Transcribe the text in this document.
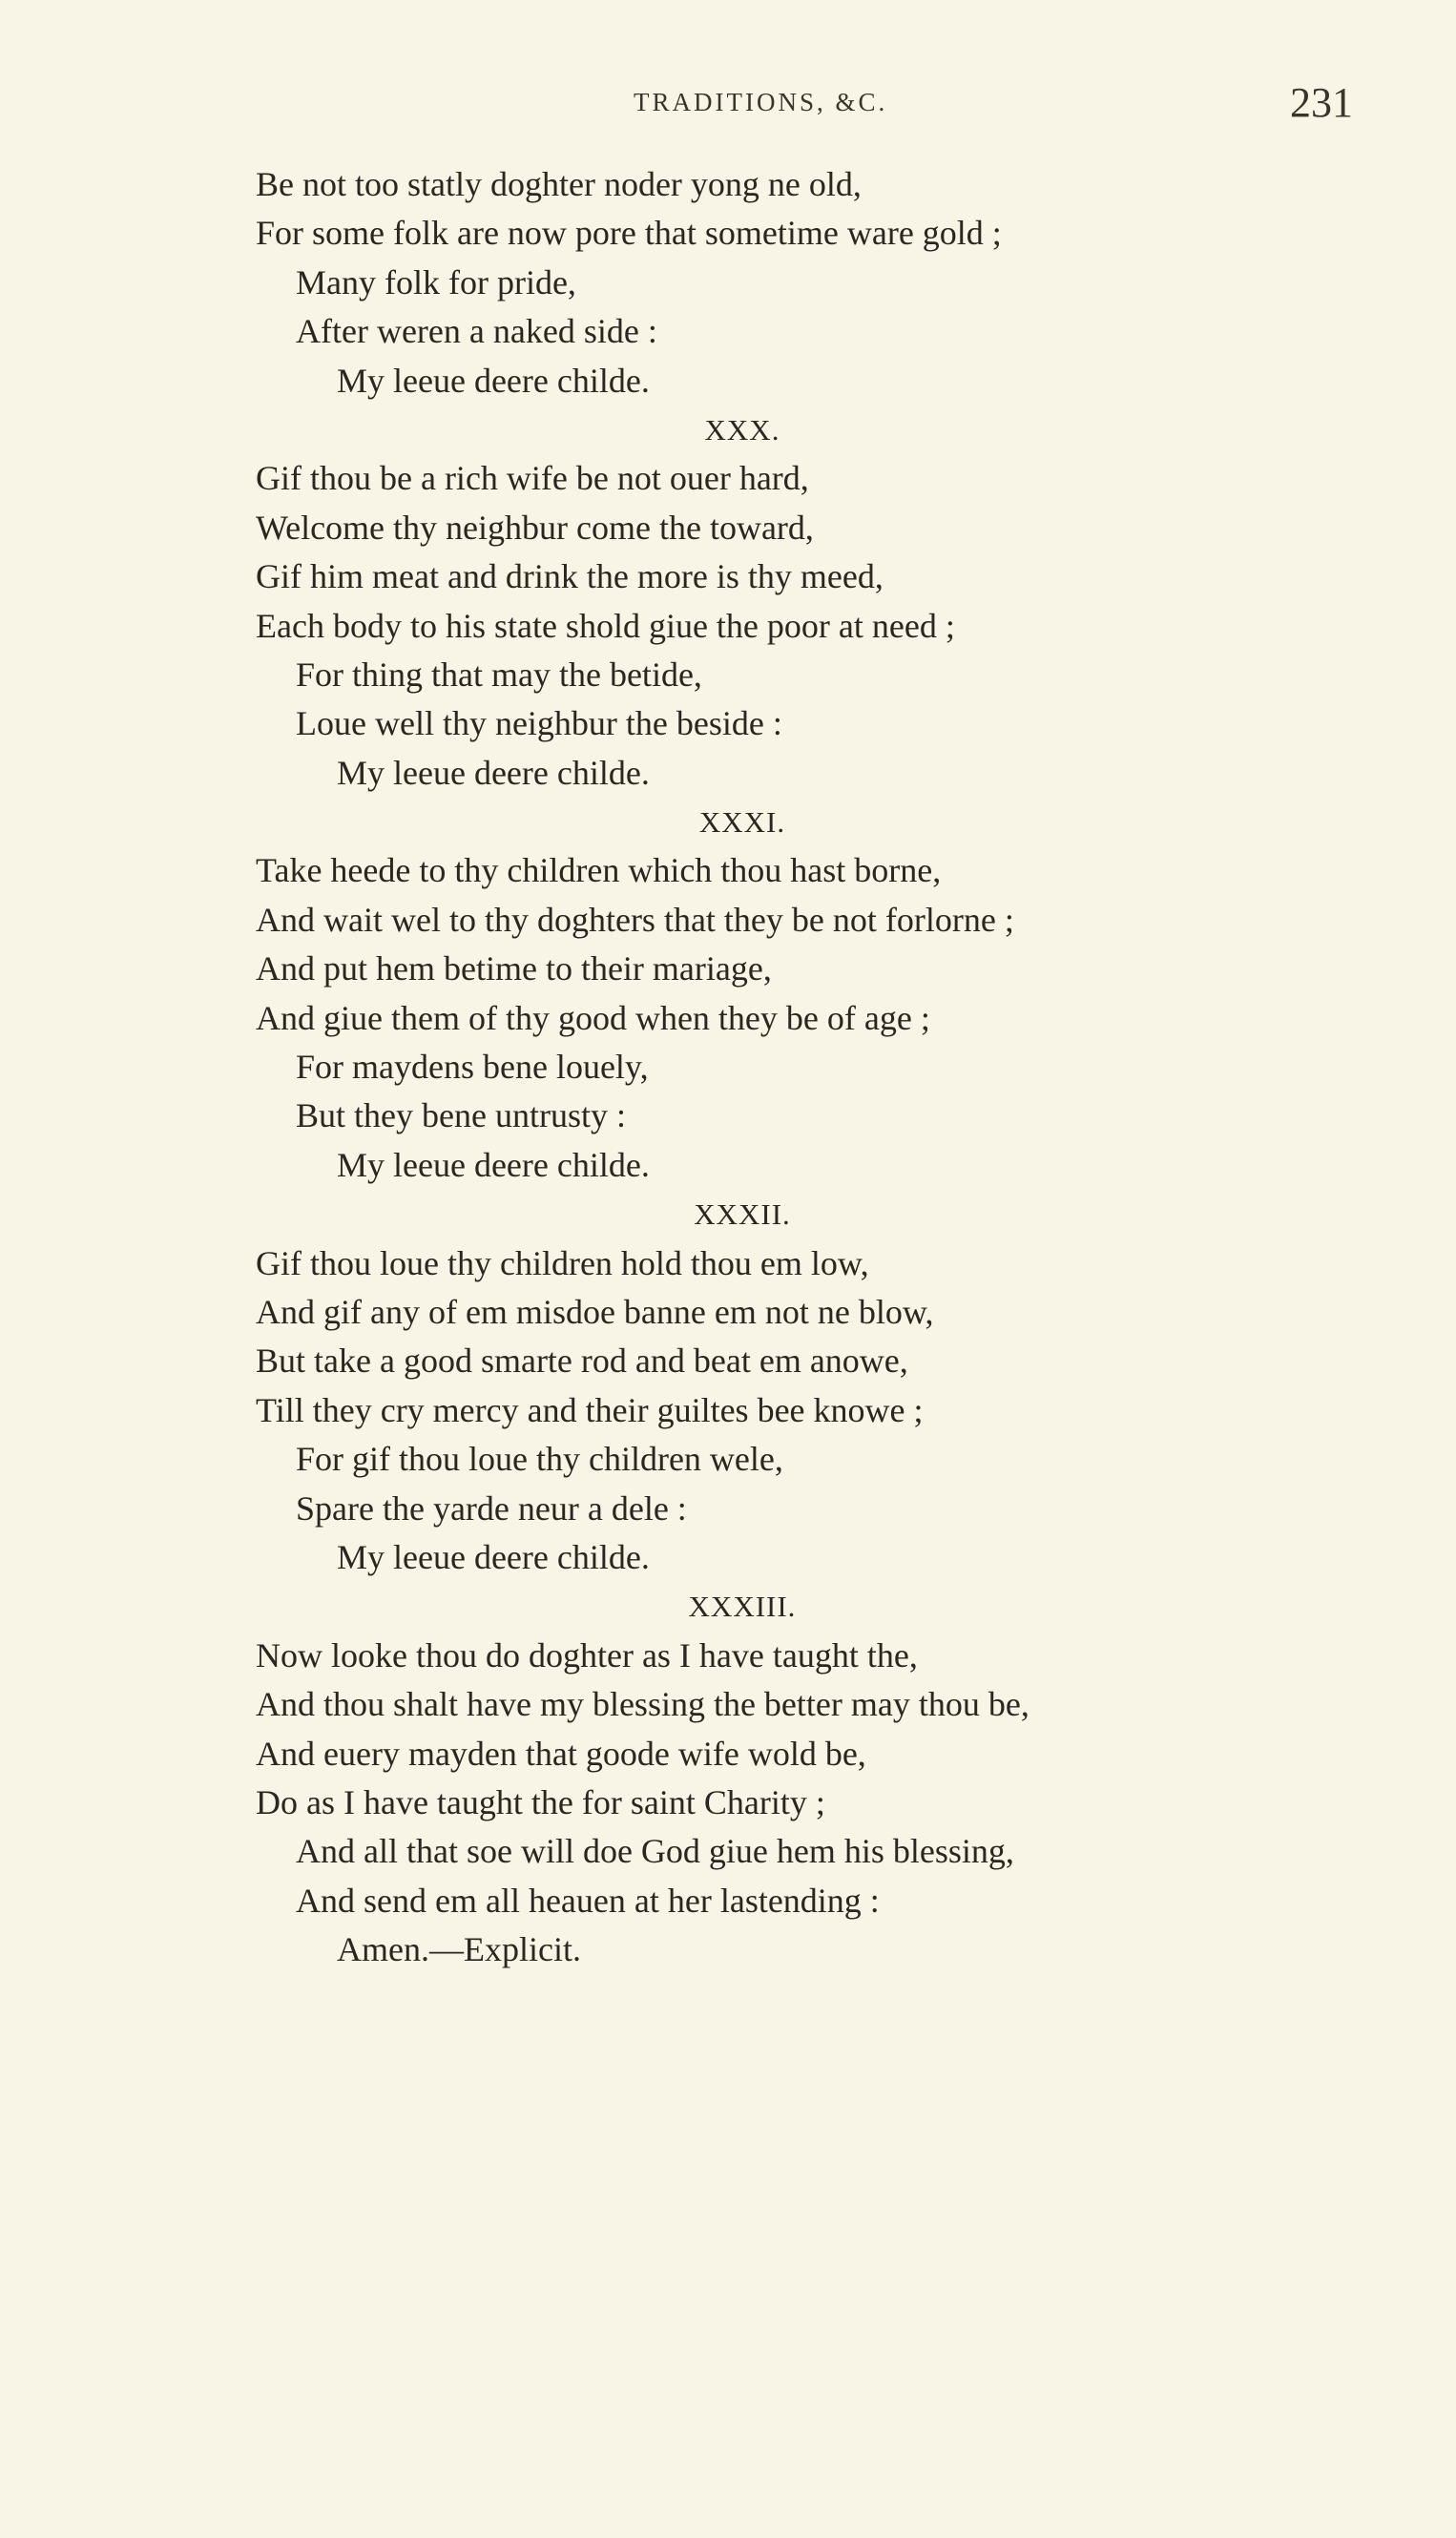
TRADITIONS, &C.	231
Be not too statly doghter noder yong ne old,
For some folk are now pore that sometime ware gold ;
Many folk for pride,
After weren a naked side :
My leeue deere childe.
XXX.
Gif thou be a rich wife be not ouer hard,
Welcome thy neighbur come the toward,
Gif him meat and drink the more is thy meed,
Each body to his state shold giue the poor at need ;
For thing that may the betide,
Loue well thy neighbur the beside :
My leeue deere childe.
XXXI.
Take heede to thy children which thou hast borne,
And wait wel to thy doghters that they be not forlorne ;
And put hem betime to their mariage,
And giue them of thy good when they be of age ;
For maydens bene louely,
But they bene untrusty :
My leeue deere childe.
XXXII.
Gif thou loue thy children hold thou em low,
And gif any of em misdoe banne em not ne blow,
But take a good smarte rod and beat em anowe,
Till they cry mercy and their guiltes bee knowe ;
For gif thou loue thy children wele,
Spare the yarde neur a dele :
My leeue deere childe.
XXXIII.
Now looke thou do doghter as I have taught the,
And thou shalt have my blessing the better may thou be,
And euery mayden that goode wife wold be,
Do as I have taught the for saint Charity ;
And all that soe will doe God giue hem his blessing,
And send em all heauen at her lastending :
Amen.—Explicit.
